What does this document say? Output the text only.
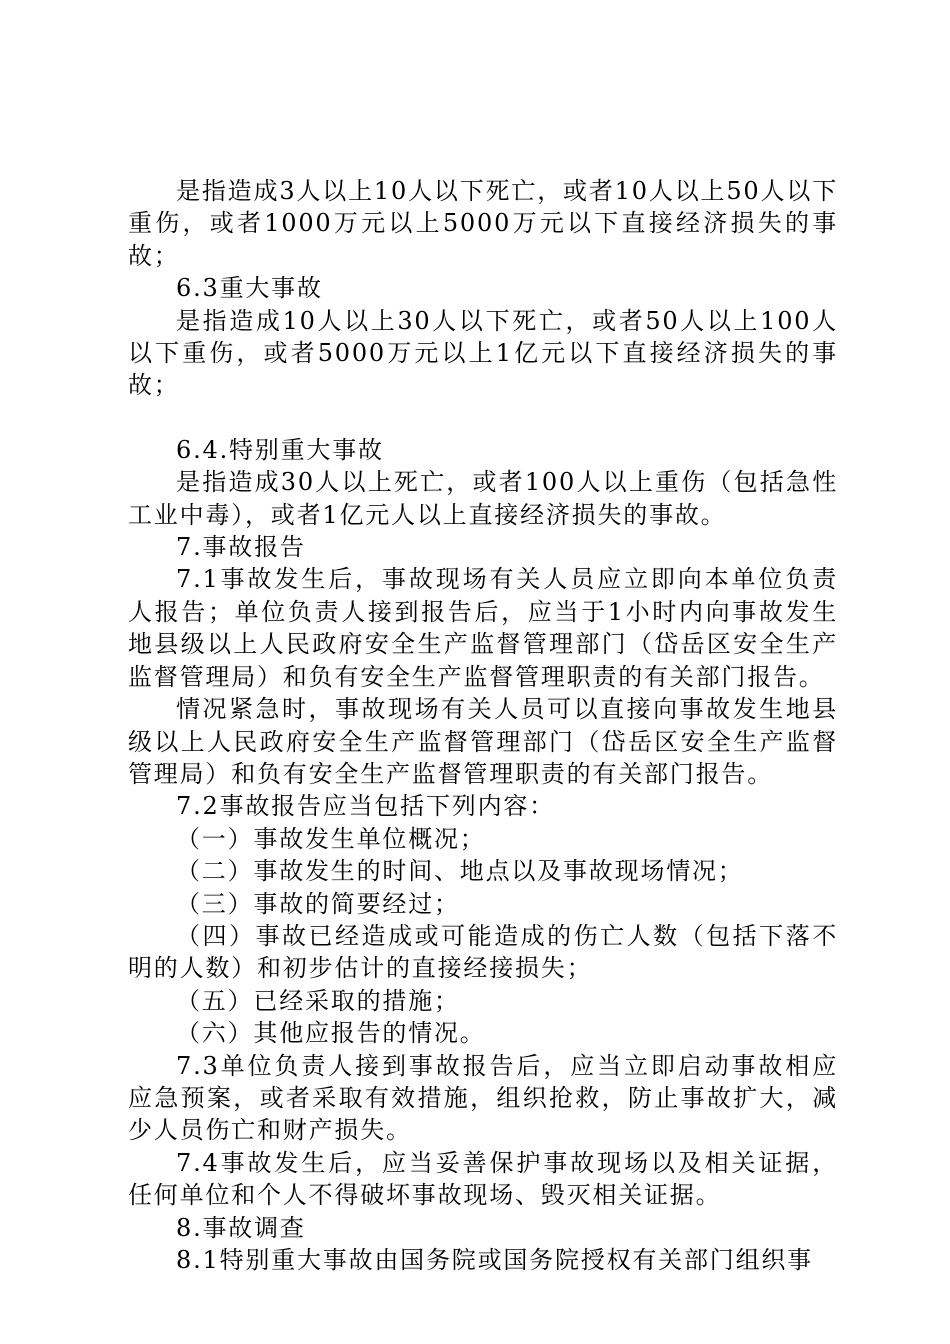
是指造成3人以上10人以下死亡，或者10人以上50人以下重伤，或者1000万元以上5000万元以下直接经济损失的事故；

6.3重大事故

是指造成10人以上30人以下死亡，或者50人以上100人以下重伤，或者5000万元以上1亿元以下直接经济损失的事故；

6.4.特别重大事故

是指造成30人以上死亡，或者100人以上重伤（包括急性工业中毒），或者1亿元人以上直接经济损失的事故。

7.事故报告

7.1事故发生后，事故现场有关人员应立即向本单位负责人报告；单位负责人接到报告后，应当于1小时内向事故发生地县级以上人民政府安全生产监督管理部门（岱岳区安全生产监督管理局）和负有安全生产监督管理职责的有关部门报告。

情况紧急时，事故现场有关人员可以直接向事故发生地县级以上人民政府安全生产监督管理部门（岱岳区安全生产监督管理局）和负有安全生产监督管理职责的有关部门报告。

7.2事故报告应当包括下列内容：

（一）事故发生单位概况；

（二）事故发生的时间、地点以及事故现场情况；

（三）事故的简要经过；

（四）事故已经造成或可能造成的伤亡人数（包括下落不明的人数）和初步估计的直接经接损失；

（五）已经采取的措施；

（六）其他应报告的情况。

7.3单位负责人接到事故报告后，应当立即启动事故相应应急预案，或者采取有效措施，组织抢救，防止事故扩大，减少人员伤亡和财产损失。

7.4事故发生后，应当妥善保护事故现场以及相关证据，任何单位和个人不得破坏事故现场、毁灭相关证据。

8.事故调查

8.1特别重大事故由国务院或国务院授权有关部门组织事
